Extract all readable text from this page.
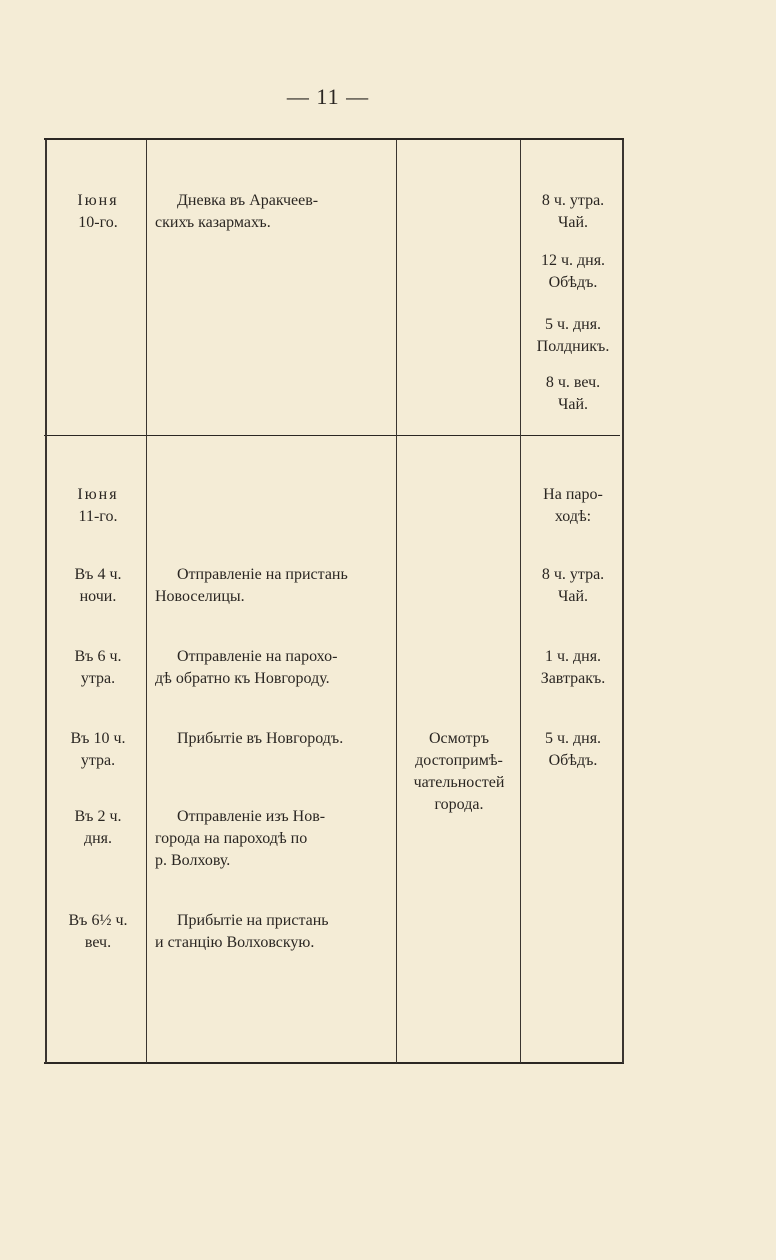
— 11 —
Iюня
10-го.
Дневка въ Аракчеев-
скихъ казармахъ.
8 ч. утра.
Чай.
12 ч. дня.
Обѣдъ.
5 ч. дня.
Полдникъ.
8 ч. веч.
Чай.
Iюня
11-го.
На паро-
ходѣ:
Въ 4 ч.
ночи.
Отправленіе на пристань
Новоселицы.
8 ч. утра.
Чай.
Въ 6 ч.
утра.
Отправленіе на парохо-
дѣ обратно къ Новгороду.
1 ч. дня.
Завтракъ.
Въ 10 ч.
утра.
Прибытіе въ Новгородъ.	Осмотръ
достопримѣ-
чательностей
города.
5 ч. дня.
Обѣдъ.
Въ 2 ч.
дня.
Отправленіе изъ Нов-
города на пароходѣ по
р. Волхову.
Въ 6½ ч.
веч.
Прибытіе на пристань
и станцію Волховскую.
